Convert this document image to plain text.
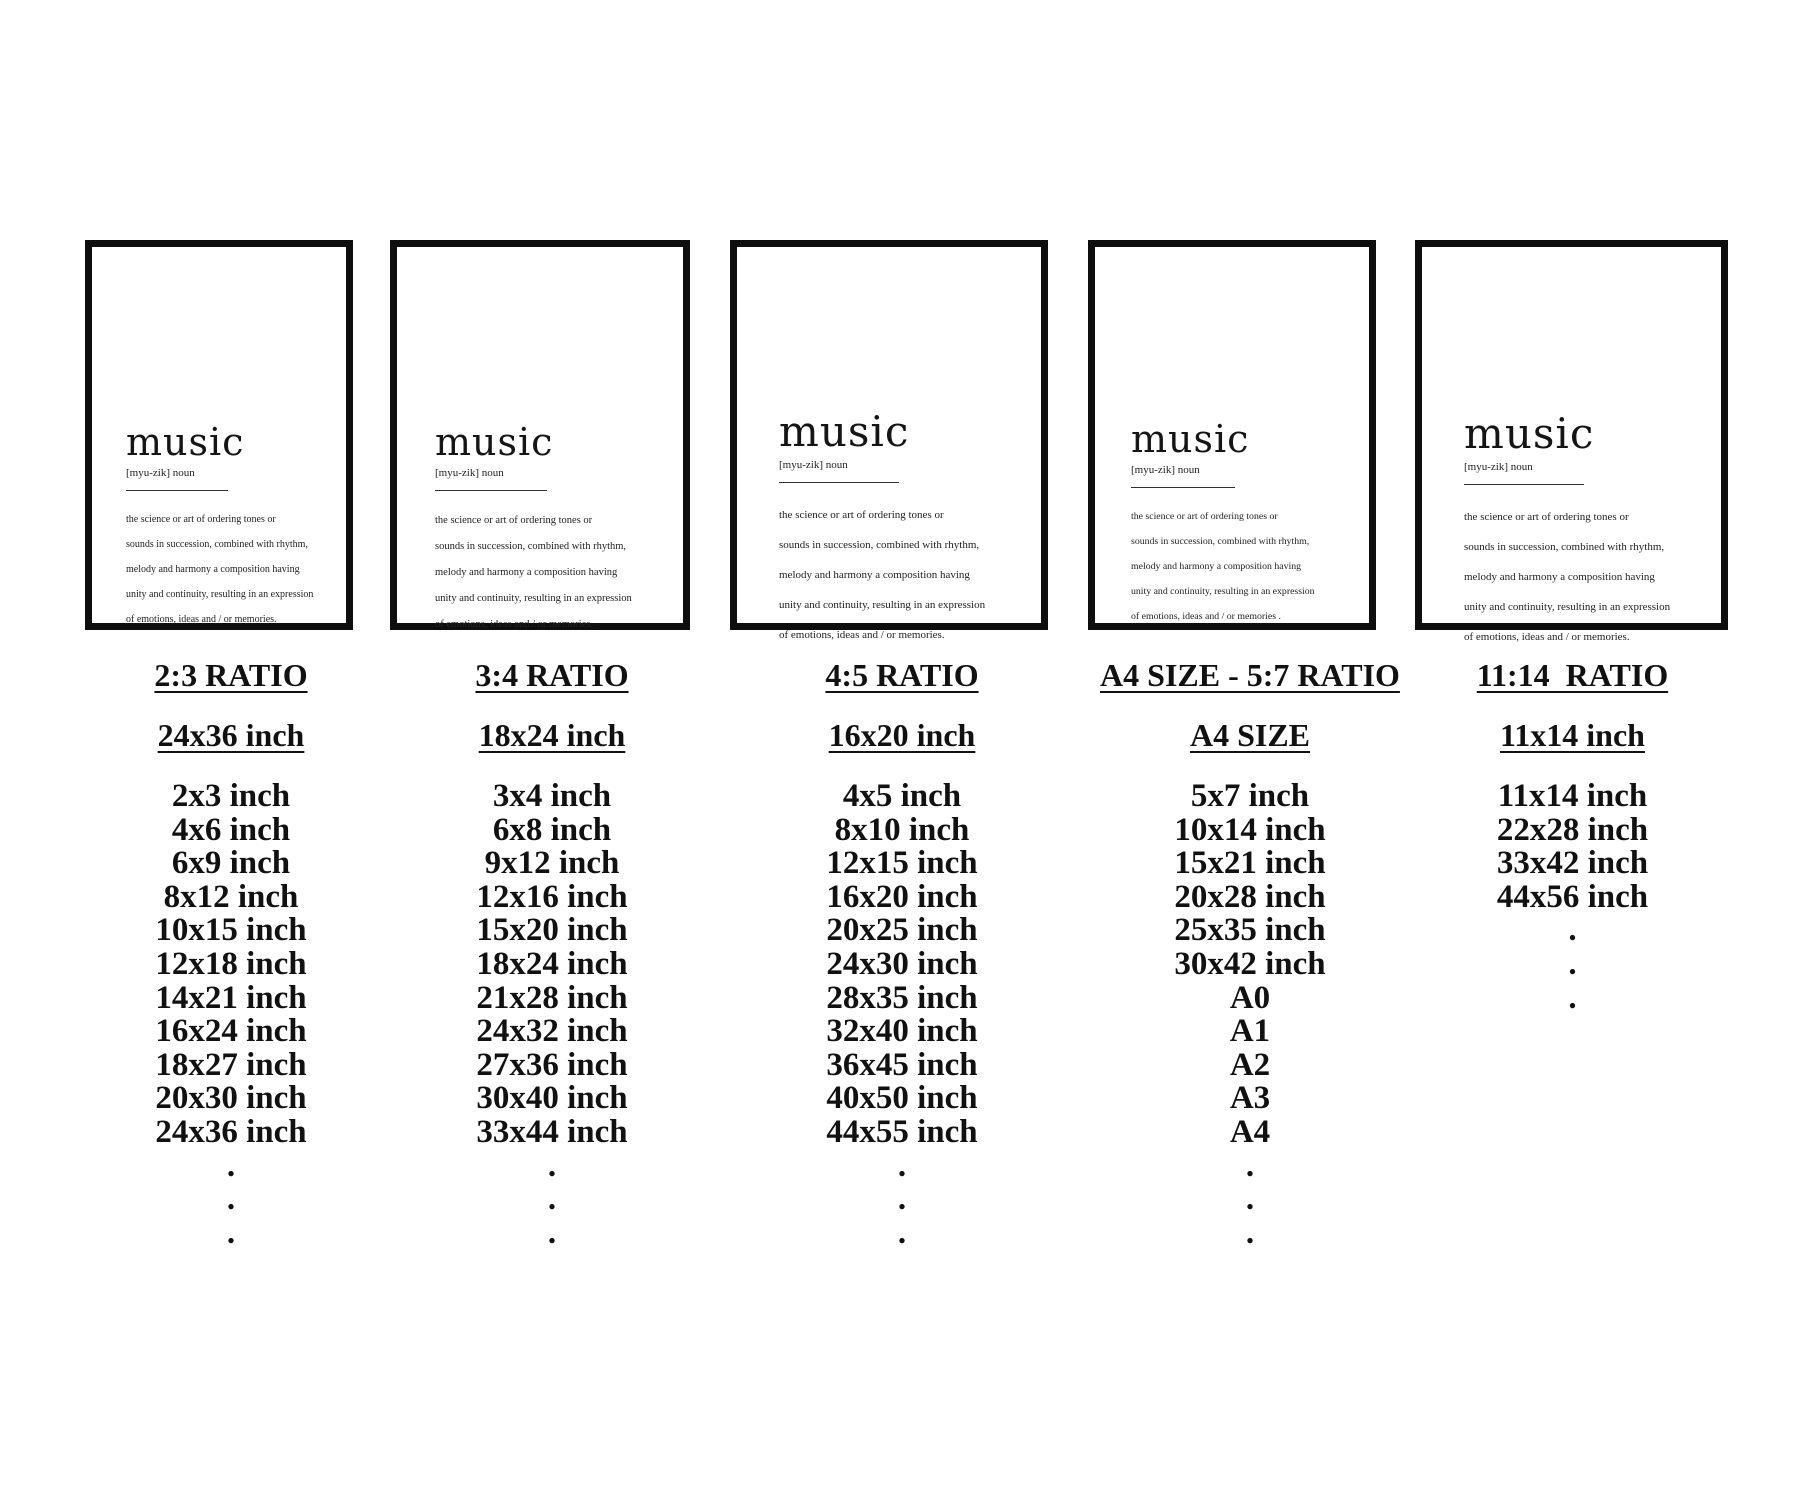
music
[myu-zik] noun

the science or art of ordering tones or

sounds in succession, combined with rhythm,

melody and harmony a composition having

unity and continuity, resulting in an expression

of emotions, ideas and / or memories.

2:3 RATIO
24x36 inch
2x3 inch
4x6 inch
6x9 inch
8x12 inch
10x15 inch
12x18 inch
14x21 inch
16x24 inch
18x27 inch
20x30 inch
24x36 inch
.
.
.
music
[myu-zik] noun

the science or art of ordering tones or

sounds in succession, combined with rhythm,

melody and harmony a composition having

unity and continuity, resulting in an expression

of emotions, ideas and / or memories.

3:4 RATIO
18x24 inch
3x4 inch
6x8 inch
9x12 inch
12x16 inch
15x20 inch
18x24 inch
21x28 inch
24x32 inch
27x36 inch
30x40 inch
33x44 inch
.
.
.
music
[myu-zik] noun

the science or art of ordering tones or

sounds in succession, combined with rhythm,

melody and harmony a composition having

unity and continuity, resulting in an expression

of emotions, ideas and / or memories.

4:5 RATIO
16x20 inch
4x5 inch
8x10 inch
12x15 inch
16x20 inch
20x25 inch
24x30 inch
28x35 inch
32x40 inch
36x45 inch
40x50 inch
44x55 inch
.
.
.
music
[myu-zik] noun

the science or art of ordering tones or

sounds in succession, combined with rhythm,

melody and harmony a composition having

unity and continuity, resulting in an expression

of emotions, ideas and / or memories .

A4 SIZE - 5:7 RATIO
A4 SIZE
5x7 inch
10x14 inch
15x21 inch
20x28 inch
25x35 inch
30x42 inch
A0
A1
A2
A3
A4
.
.
.
music
[myu-zik] noun

the science or art of ordering tones or

sounds in succession, combined with rhythm,

melody and harmony a composition having

unity and continuity, resulting in an expression

of emotions, ideas and / or memories.

11:14  RATIO
11x14 inch
11x14 inch
22x28 inch
33x42 inch
44x56 inch
.
.
.
